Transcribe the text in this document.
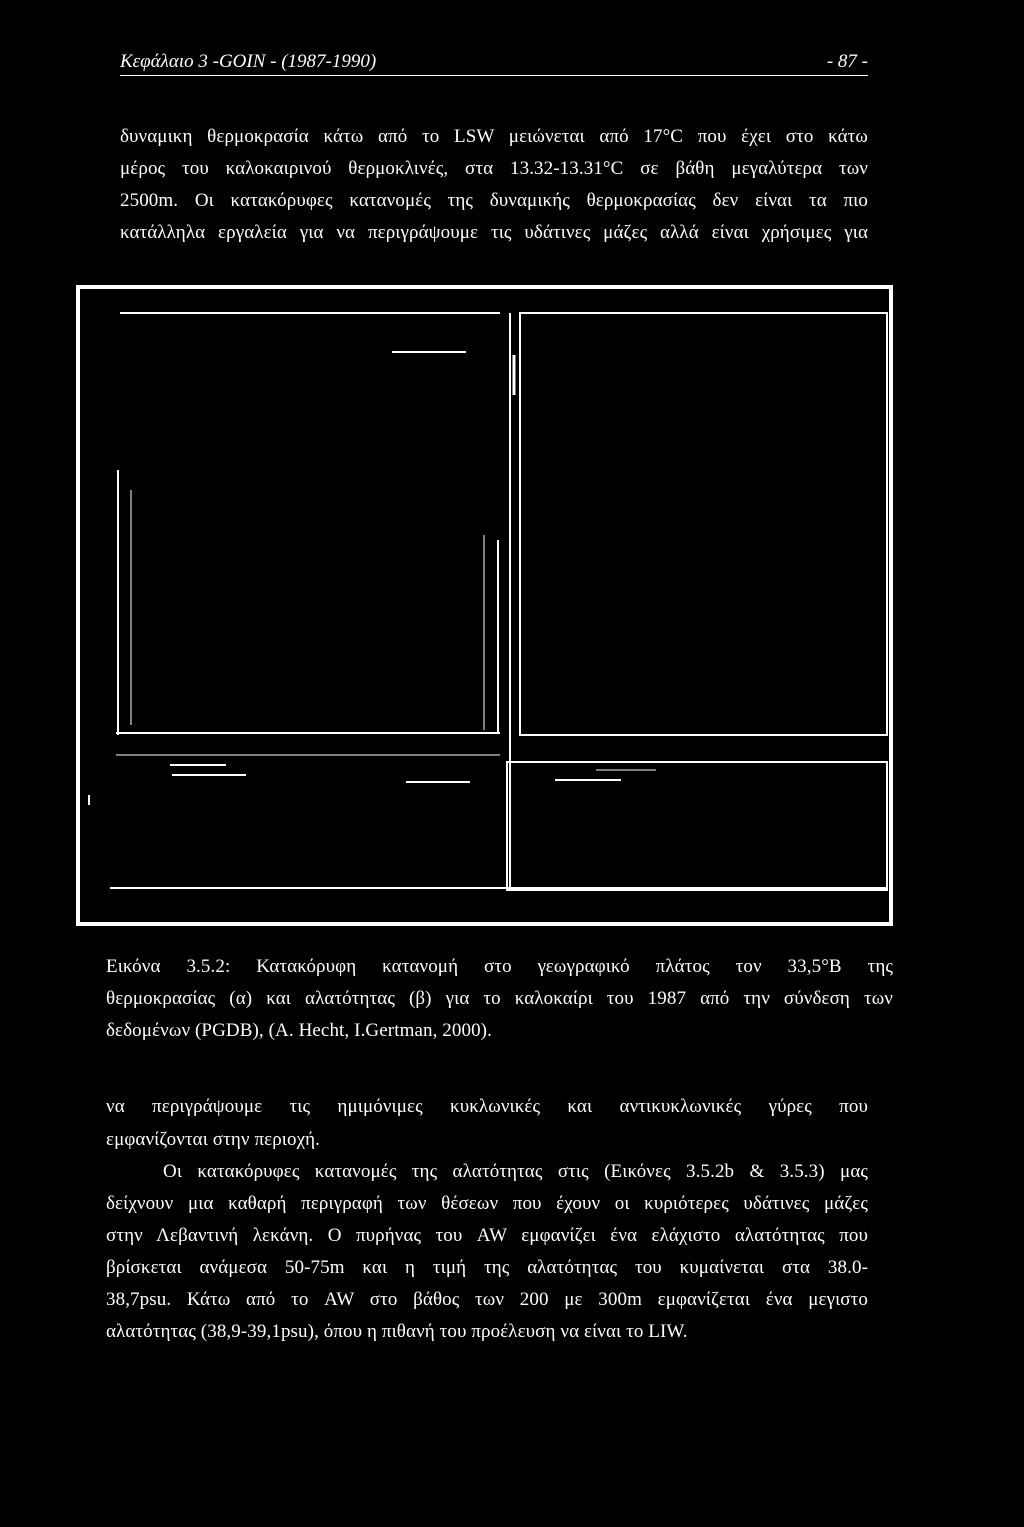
Κεφάλαιο 3 -GOIN - (1987-1990)	- 87 -
δυναμικη θερμοκρασία κάτω από το LSW μειώνεται από 17°C που έχει στο κάτω
μέρος του καλοκαιρινού θερμοκλινές, στα 13.32-13.31°C σε βάθη μεγαλύτερα των
2500m. Οι κατακόρυφες κατανομές της δυναμικής θερμοκρασίας δεν είναι τα πιο
κατάλληλα εργαλεία για να περιγράψουμε τις υδάτινες μάζες αλλά είναι χρήσιμες για
Εικόνα 3.5.2: Κατακόρυφη κατανομή στο γεωγραφικό πλάτος τον 33,5°Β της
θερμοκρασίας (α) και αλατότητας (β) για το καλοκαίρι του 1987 από την σύνδεση των
δεδομένων (PGDB), (A. Hecht, I.Gertman, 2000).
να περιγράψουμε τις ημιμόνιμες κυκλωνικές και αντικυκλωνικές γύρες που
εμφανίζονται στην περιοχή.
Οι κατακόρυφες κατανομές της αλατότητας στις (Εικόνες 3.5.2b & 3.5.3) μας
δείχνουν μια καθαρή περιγραφή των θέσεων που έχουν οι κυριότερες υδάτινες μάζες
στην Λεβαντινή λεκάνη. Ο πυρήνας του AW εμφανίζει ένα ελάχιστο αλατότητας που
βρίσκεται ανάμεσα 50-75m και η τιμή της αλατότητας του κυμαίνεται στα 38.0-
38,7psu. Κάτω από το AW στο βάθος των 200 με 300m εμφανίζεται ένα μεγιστο
αλατότητας (38,9-39,1psu), όπου η πιθανή του προέλευση να είναι το LIW.
